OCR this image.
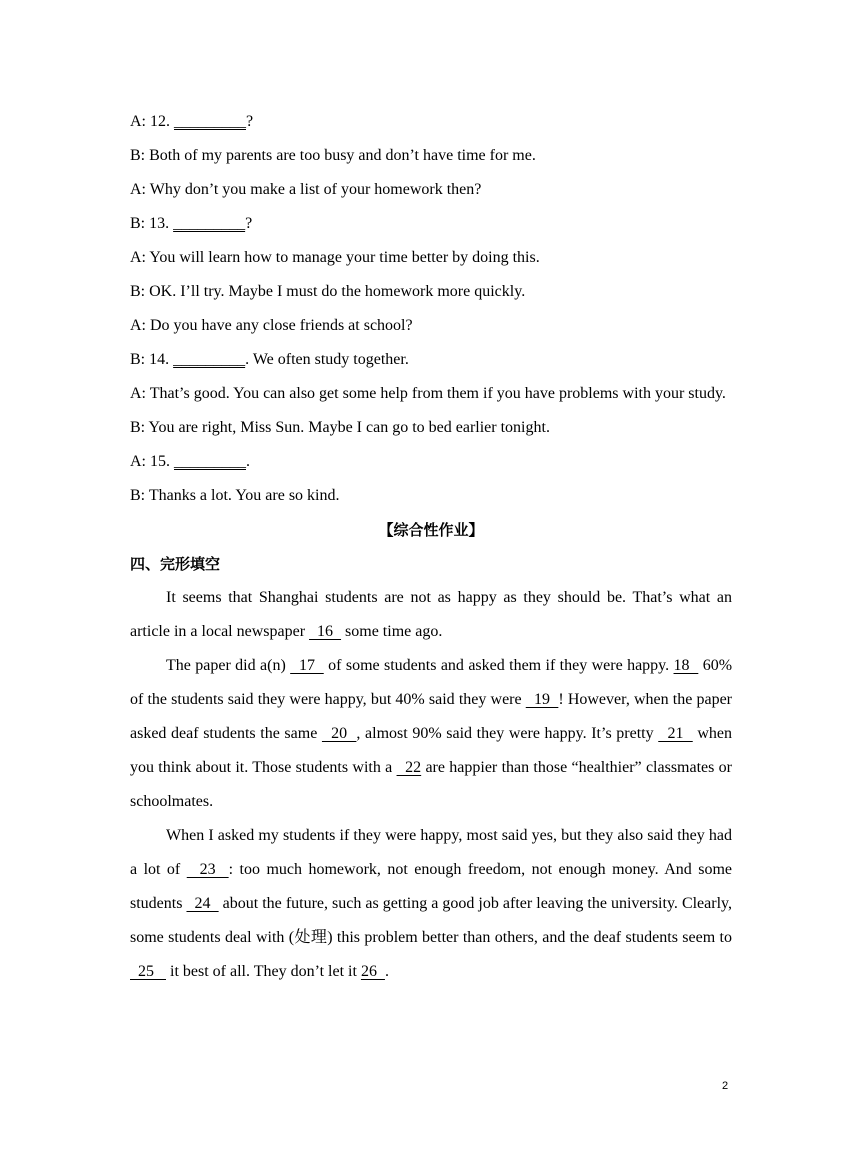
A: 12. _________?
B: Both of my parents are too busy and don’t have time for me.
A: Why don’t you make a list of your homework then?
B: 13. _________?
A: You will learn how to manage your time better by doing this.
B: OK. I’ll try. Maybe I must do the homework more quickly.
A: Do you have any close friends at school?
B: 14. _________. We often study together.
A: That’s good. You can also get some help from them if you have problems with your study.
B: You are right, Miss Sun. Maybe I can go to bed earlier tonight.
A: 15. _________.
B: Thanks a lot. You are so kind.
【综合性作业】
四、完形填空
It seems that Shanghai students are not as happy as they should be. That’s what an article in a local newspaper   16   some time ago.
The paper did a(n)   17   of some students and asked them if they were happy. 18   60% of the students said they were happy, but 40% said they were   19  ! However, when the paper asked deaf students the same   20  , almost 90% said they were happy. It’s pretty   21   when you think about it. Those students with a   22 are happier than those “healthier” classmates or schoolmates.
When I asked my students if they were happy, most said yes, but they also said they had a lot of   23  : too much homework, not enough freedom, not enough money. And some students   24   about the future, such as getting a good job after leaving the university. Clearly, some students deal with (处理) this problem better than others, and the deaf students seem to   25    it best of all. They don’t let it 26  .
2
